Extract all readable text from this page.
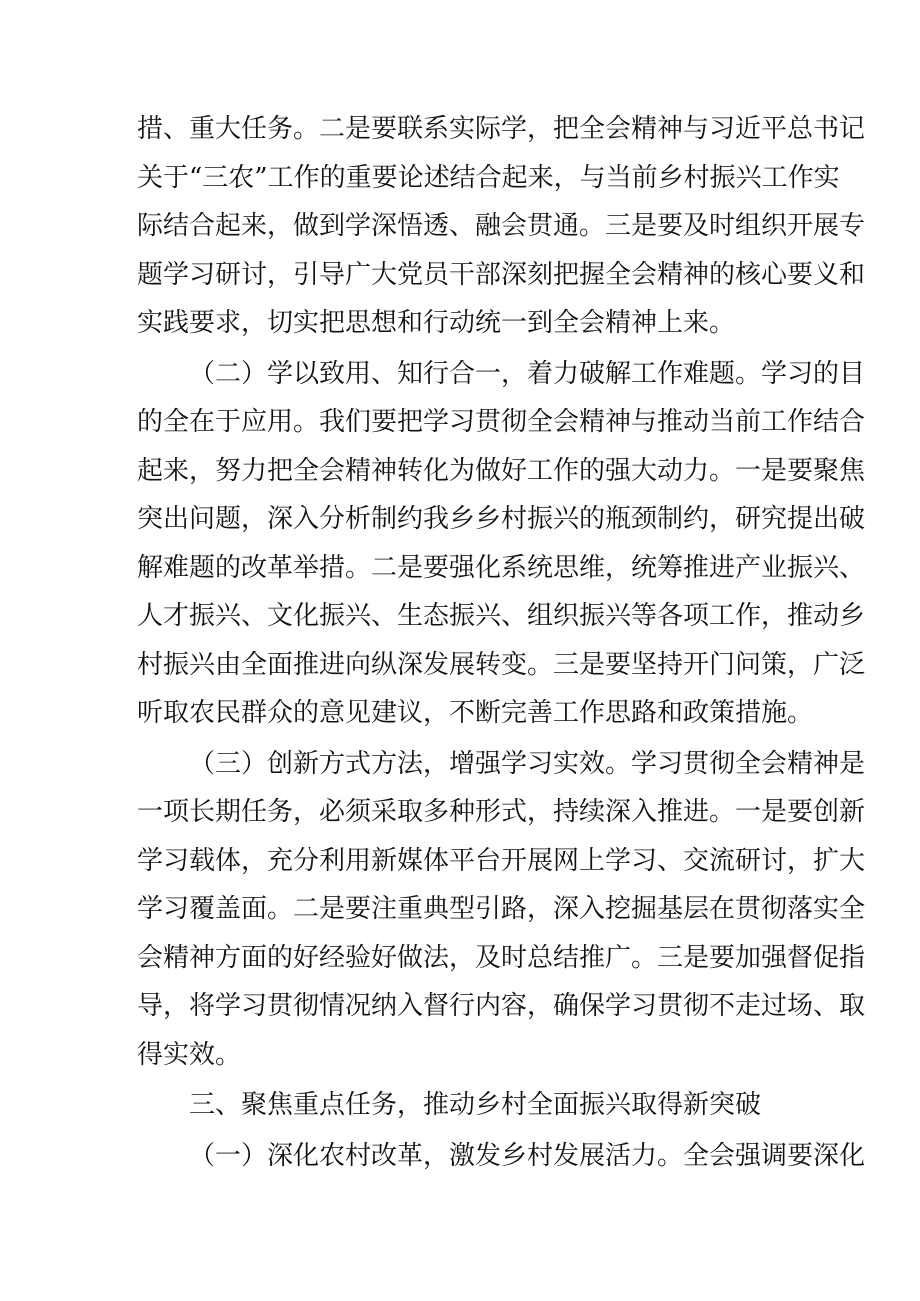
措、重大任务。二是要联系实际学，把全会精神与习近平总书记
关于“三农”工作的重要论述结合起来，与当前乡村振兴工作实
际结合起来，做到学深悟透、融会贯通。三是要及时组织开展专
题学习研讨，引导广大党员干部深刻把握全会精神的核心要义和
实践要求，切实把思想和行动统一到全会精神上来。

（二）学以致用、知行合一，着力破解工作难题。学习的目
的全在于应用。我们要把学习贯彻全会精神与推动当前工作结合
起来，努力把全会精神转化为做好工作的强大动力。一是要聚焦
突出问题，深入分析制约我乡乡村振兴的瓶颈制约，研究提出破
解难题的改革举措。二是要强化系统思维，统筹推进产业振兴、
人才振兴、文化振兴、生态振兴、组织振兴等各项工作，推动乡
村振兴由全面推进向纵深发展转变。三是要坚持开门问策，广泛
听取农民群众的意见建议，不断完善工作思路和政策措施。

（三）创新方式方法，增强学习实效。学习贯彻全会精神是
一项长期任务，必须采取多种形式，持续深入推进。一是要创新
学习载体，充分利用新媒体平台开展网上学习、交流研讨，扩大
学习覆盖面。二是要注重典型引路，深入挖掘基层在贯彻落实全
会精神方面的好经验好做法，及时总结推广。三是要加强督促指
导，将学习贯彻情况纳入督行内容，确保学习贯彻不走过场、取
得实效。

三、聚焦重点任务，推动乡村全面振兴取得新突破

（一）深化农村改革，激发乡村发展活力。全会强调要深化
